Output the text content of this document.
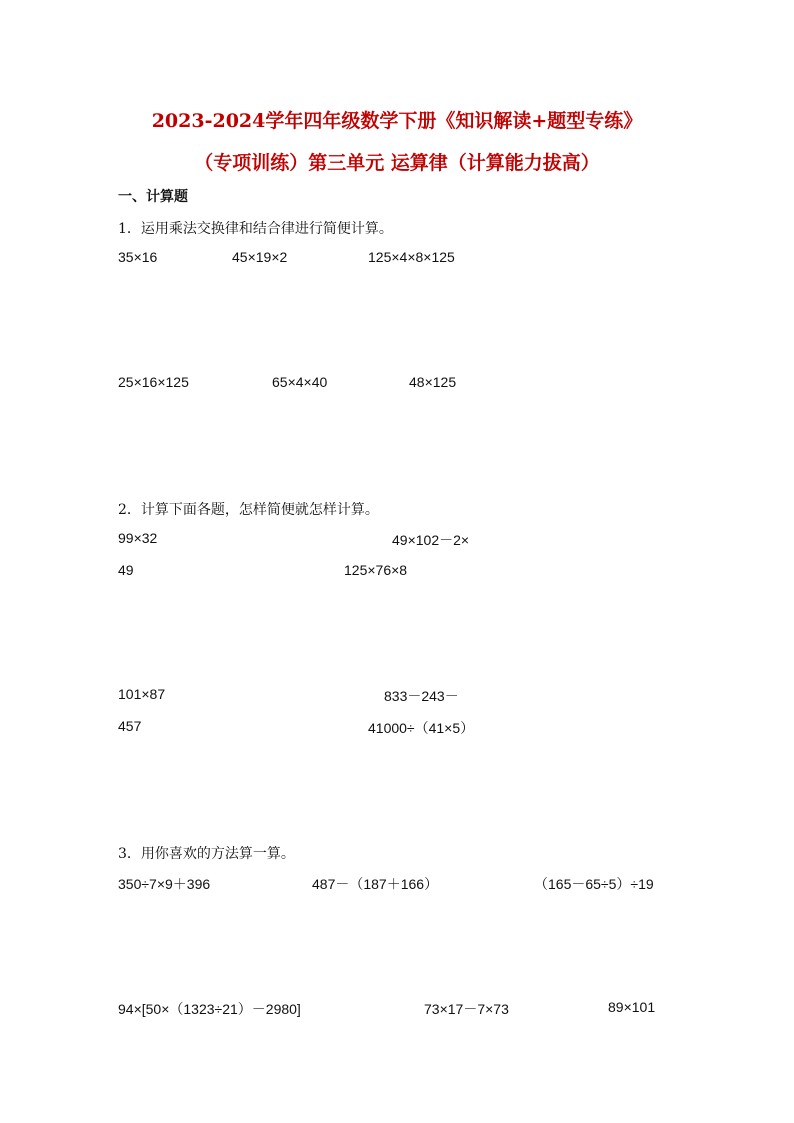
2023-2024学年四年级数学下册《知识解读+题型专练》
（专项训练）第三单元 运算律（计算能力拔高）
一、计算题
1．运用乘法交换律和结合律进行简便计算。
35×16	45×19×2	125×4×8×125
25×16×125	65×4×40	48×125
2．计算下面各题，怎样简便就怎样计算。
99×32	49×102－2×
49	125×76×8
101×87	833－243－
457	41000÷（41×5）
3．用你喜欢的方法算一算。
350÷7×9＋396	487－（187＋166）	（165－65÷5）÷19
94×[50×（1323÷21）－2980]	73×17－7×73	89×101
